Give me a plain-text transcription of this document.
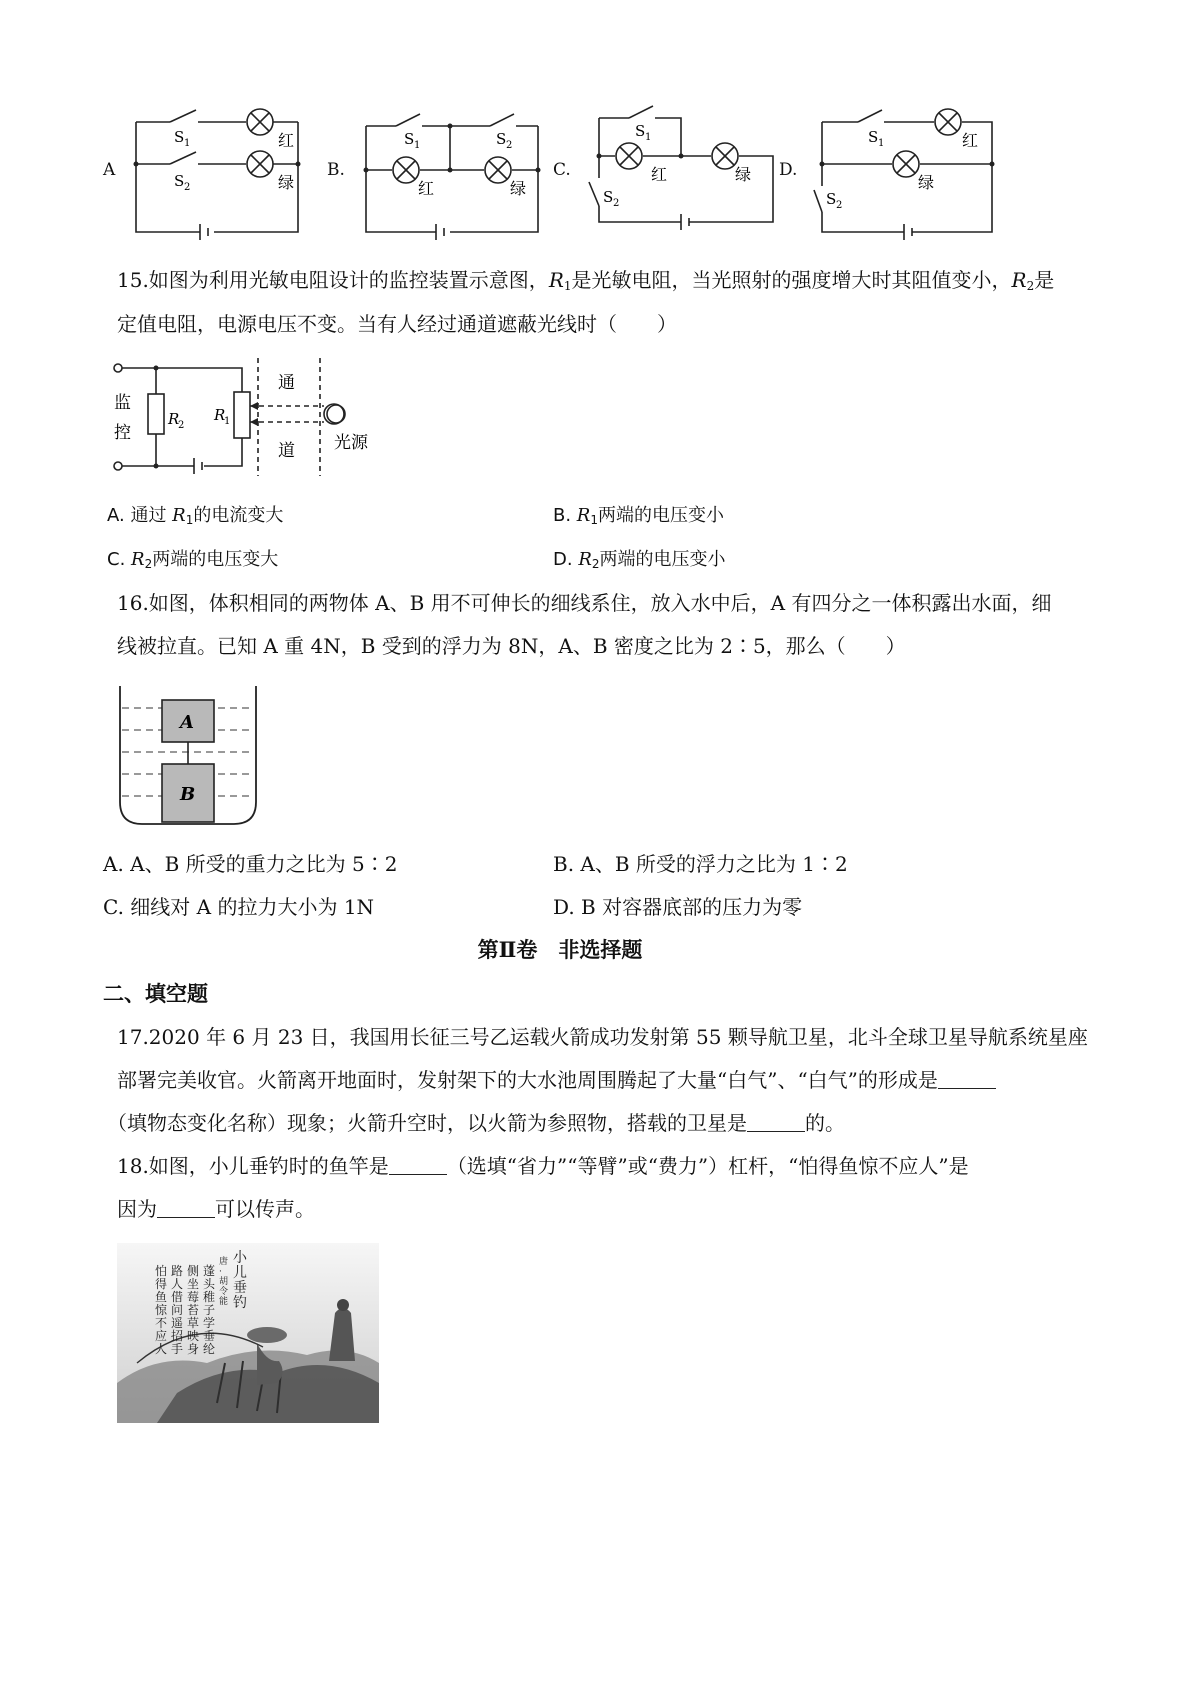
A
S 1
S 2
红
绿
B.
S 1	S 2
红	绿
C.
S 1
S 2
红	绿 D.
S 1
S 2
红
绿
15.如图为利用光敏电阻设计的监控装置示意图，$R_1$是光敏电阻，当光照射的强度增大时其阻值变小，$R_2$是
定值电阻，电源电压不变。当有人经过通道遮蔽光线时（　　）
监
控
R
2
R
1
通
道 光源
A. 通过 $R_1$的电流变大	B. $R_1$两端的电压变小
C. $R_2$两端的电压变大	D. $R_2$两端的电压变小
16.如图，体积相同的两物体 A、B 用不可伸长的细线系住，放入水中后，A 有四分之一体积露出水面，细
线被拉直。已知 A 重 4N，B 受到的浮力为 8N，A、B 密度之比为 2∶5，那么（　　）
A
B
A. A、B 所受的重力之比为 5∶2	B. A、B 所受的浮力之比为 1∶2
C. 细线对 A 的拉力大小为 1N	D. B 对容器底部的压力为零
第Ⅱ卷　非选择题
二、填空题
17.2020 年 6 月 23 日，我国用长征三号乙运载火箭成功发射第 55 颗导航卫星，北斗全球卫星导航系统星座
部署完美收官。火箭离开地面时，发射架下的大水池周围腾起了大量“白气”、“白气”的形成是
（填物态变化名称）现象；火箭升空时，以火箭为参照物，搭载的卫星是	的。
18.如图，小儿垂钓时的鱼竿是	（选填“省力”“等臂”或“费力”）杠杆，“怕得鱼惊不应人”是
因为	可以传声。
小儿垂钓
唐·胡令能
蓬头稚子学垂纶
侧坐莓苔草映身
路人借问遥招手
怕得鱼惊不应人
